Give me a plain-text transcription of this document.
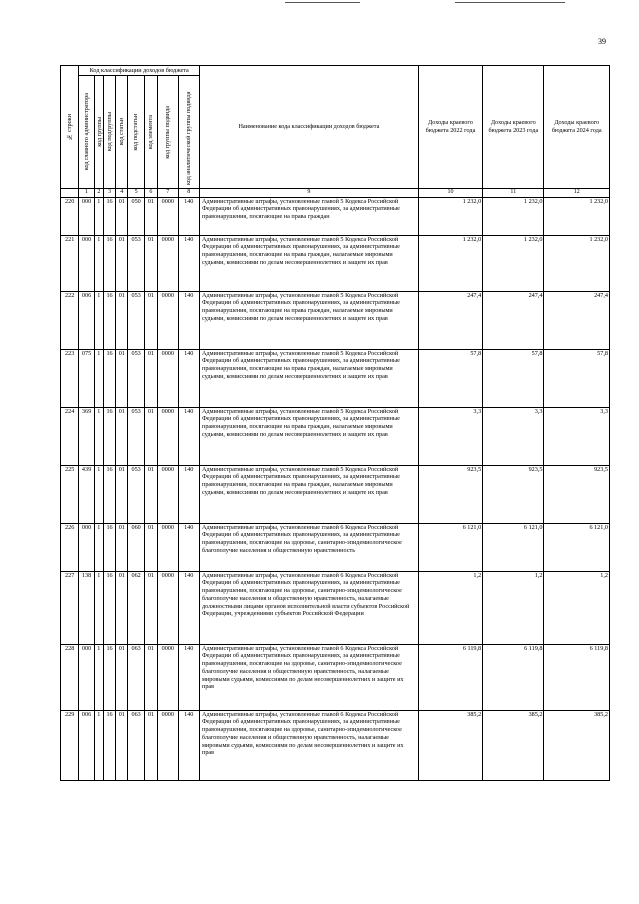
39
№ строки	Код классификации доходов бюджета								Наименование кода классификации доходов бюджета	Доходы краевого бюджета 2022 года	Доходы краевого бюджета 2023 года	Доходы краевого бюджета 2024 года

	код главного администратора	код группы	код подгруппы	код статьи	код подстатьи	код элемента	код группы подвида	код аналитической группы подвида				

	1	2	3	4	5	6	7	8	9	10	11	12
220	000	1	16	01	050	01	0000	140	Административные штрафы, установленные главой 5 Кодекса Российской Федерации об административных правонарушениях, за административные правонарушения, посягающие на права граждан	1 232,0	1 232,0	1 232,0
221	000	1	16	01	053	01	0000	140	Административные штрафы, установленные главой 5 Кодекса Российской Федерации об административных правонарушениях, за административные правонарушения, посягающие на права граждан, налагаемые мировыми судьями, комиссиями по делам несовершеннолетних и защите их прав	1 232,0	1 232,0	1 232,0
222	006	1	16	01	053	01	0000	140	Административные штрафы, установленные главой 5 Кодекса Российской Федерации об административных правонарушениях, за административные правонарушения, посягающие на права граждан, налагаемые мировыми судьями, комиссиями по делам несовершеннолетних и защите их прав	247,4	247,4	247,4
223	075	1	16	01	053	01	0000	140	Административные штрафы, установленные главой 5 Кодекса Российской Федерации об административных правонарушениях, за административные правонарушения, посягающие на права граждан, налагаемые мировыми судьями, комиссиями по делам несовершеннолетних и защите их прав	57,8	57,8	57,8
224	369	1	16	01	053	01	0000	140	Административные штрафы, установленные главой 5 Кодекса Российской Федерации об административных правонарушениях, за административные правонарушения, посягающие на права граждан, налагаемые мировыми судьями, комиссиями по делам несовершеннолетних и защите их прав	3,3	3,3	3,3
225	439	1	16	01	053	01	0000	140	Административные штрафы, установленные главой 5 Кодекса Российской Федерации об административных правонарушениях, за административные правонарушения, посягающие на права граждан, налагаемые мировыми судьями, комиссиями по делам несовершеннолетних и защите их прав	923,5	923,5	923,5
226	000	1	16	01	060	01	0000	140	Административные штрафы, установленные главой 6 Кодекса Российской Федерации об административных правонарушениях, за административные правонарушения, посягающие на здоровье, санитарно-эпидемиологическое благополучие населения и общественную нравственность	6 121,0	6 121,0	6 121,0
227	138	1	16	01	062	01	0000	140	Административные штрафы, установленные главой 6 Кодекса Российской Федерации об административных правонарушениях, за административные правонарушения, посягающие на здоровье, санитарно-эпидемиологическое благополучие населения и общественную нравственность, налагаемые должностными лицами органов исполнительной власти субъектов Российской Федерации, учреждениями субъектов Российской Федерации	1,2	1,2	1,2
228	000	1	16	01	063	01	0000	140	Административные штрафы, установленные главой 6 Кодекса Российской Федерации об административных правонарушениях, за административные правонарушения, посягающие на здоровье, санитарно-эпидемиологическое благополучие населения и общественную нравственность, налагаемые мировыми судьями, комиссиями по делам несовершеннолетних и защите их прав	6 119,8	6 119,8	6 119,8
229	006	1	16	01	063	01	0000	140	Административные штрафы, установленные главой 6 Кодекса Российской Федерации об административных правонарушениях, за административные правонарушения, посягающие на здоровье, санитарно-эпидемиологическое благополучие населения и общественную нравственность, налагаемые мировыми судьями, комиссиями по делам несовершеннолетних и защите их прав	385,2	385,2	385,2
